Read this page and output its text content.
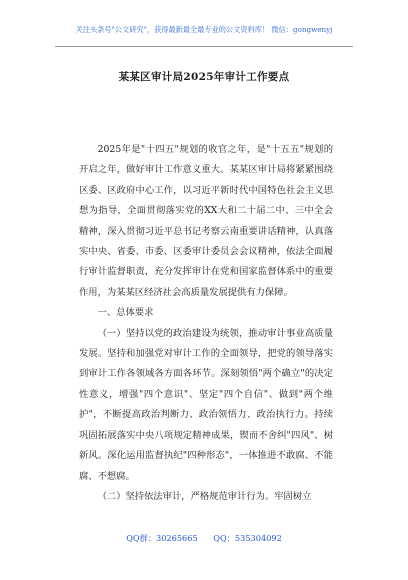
关注头条号"公文研究"，获得最新最全最专业的公文资料库！ 微信：gongwenyj
某某区审计局2025年审计工作要点

2025年是"十四五"规划的收官之年，是"十五五"规划的开启之年，做好审计工作意义重大。某某区审计局将紧紧围绕区委、区政府中心工作，以习近平新时代中国特色社会主义思想为指导，全面贯彻落实党的XX大和二十届二中、三中全会精神，深入贯彻习近平总书记考察云南重要讲话精神，认真落实中央、省委、市委、区委审计委员会会议精神，依法全面履行审计监督职责，充分发挥审计在党和国家监督体系中的重要作用，为某某区经济社会高质量发展提供有力保障。

一、总体要求

（一）坚持以党的政治建设为统领，推动审计事业高质量发展。坚持和加强党对审计工作的全面领导，把党的领导落实到审计工作各领域各方面各环节。深刻领悟"两个确立"的决定性意义，增强"四个意识"、坚定"四个自信"、做到"两个维护"，不断提高政治判断力、政治领悟力、政治执行力。持续巩固拓展落实中央八项规定精神成果，锲而不舍纠"四风"、树新风。深化运用监督执纪"四种形态"，一体推进不敢腐、不能腐、不想腐。

（二）坚持依法审计，严格规范审计行为。牢固树立

QQ群：30265665      QQ：535304092
